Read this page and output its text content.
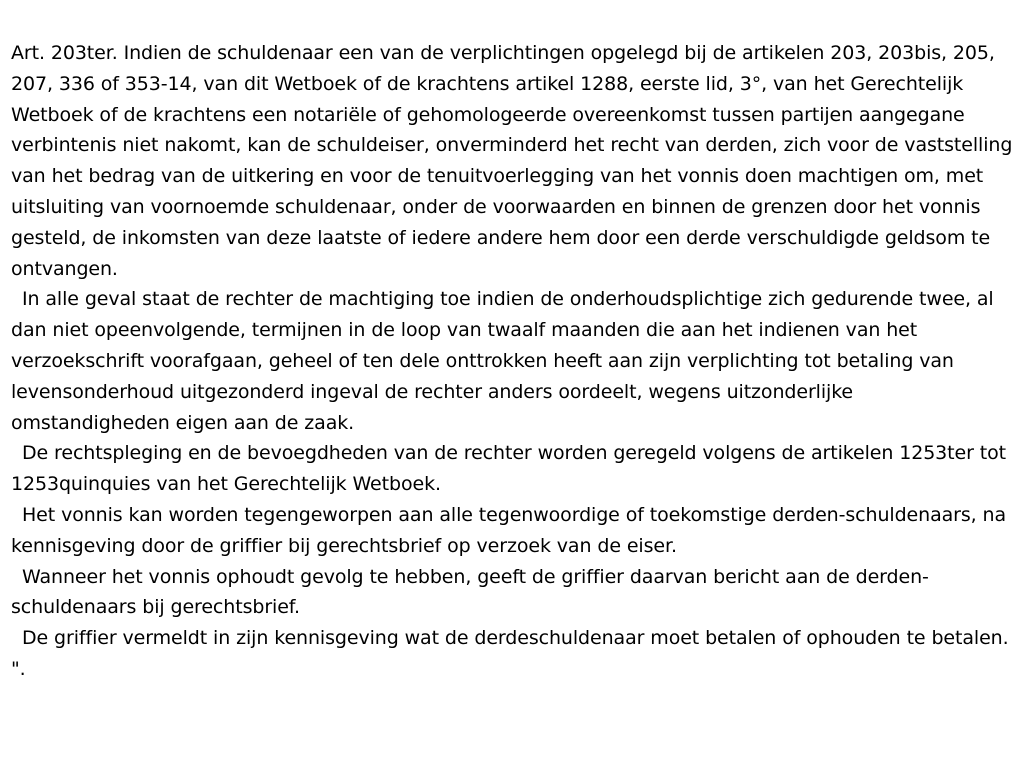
Art. 203ter. Indien de schuldenaar een van de verplichtingen opgelegd bij de artikelen 203, 203bis, 205, 207, 336 of 353-14, van dit Wetboek of de krachtens artikel 1288, eerste lid, 3°, van het Gerechtelijk Wetboek of de krachtens een notariële of gehomologeerde overeenkomst tussen partijen aangegane verbintenis niet nakomt, kan de schuldeiser, onverminderd het recht van derden, zich voor de vaststelling van het bedrag van de uitkering en voor de tenuitvoerlegging van het vonnis doen machtigen om, met uitsluiting van voornoemde schuldenaar, onder de voorwaarden en binnen de grenzen door het vonnis gesteld, de inkomsten van deze laatste of iedere andere hem door een derde verschuldigde geldsom te ontvangen.

In alle geval staat de rechter de machtiging toe indien de onderhoudsplichtige zich gedurende twee, al dan niet opeenvolgende, termijnen in de loop van twaalf maanden die aan het indienen van het verzoekschrift voorafgaan, geheel of ten dele onttrokken heeft aan zijn verplichting tot betaling van levensonderhoud uitgezonderd ingeval de rechter anders oordeelt, wegens uitzonderlijke omstandigheden eigen aan de zaak.

De rechtspleging en de bevoegdheden van de rechter worden geregeld volgens de artikelen 1253ter tot 1253quinquies van het Gerechtelijk Wetboek.

Het vonnis kan worden tegengeworpen aan alle tegenwoordige of toekomstige derden-schuldenaars, na kennisgeving door de griffier bij gerechtsbrief op verzoek van de eiser.

Wanneer het vonnis ophoudt gevolg te hebben, geeft de griffier daarvan bericht aan de derden-schuldenaars bij gerechtsbrief.

De griffier vermeldt in zijn kennisgeving wat de derdeschuldenaar moet betalen of ophouden te betalen. ".
